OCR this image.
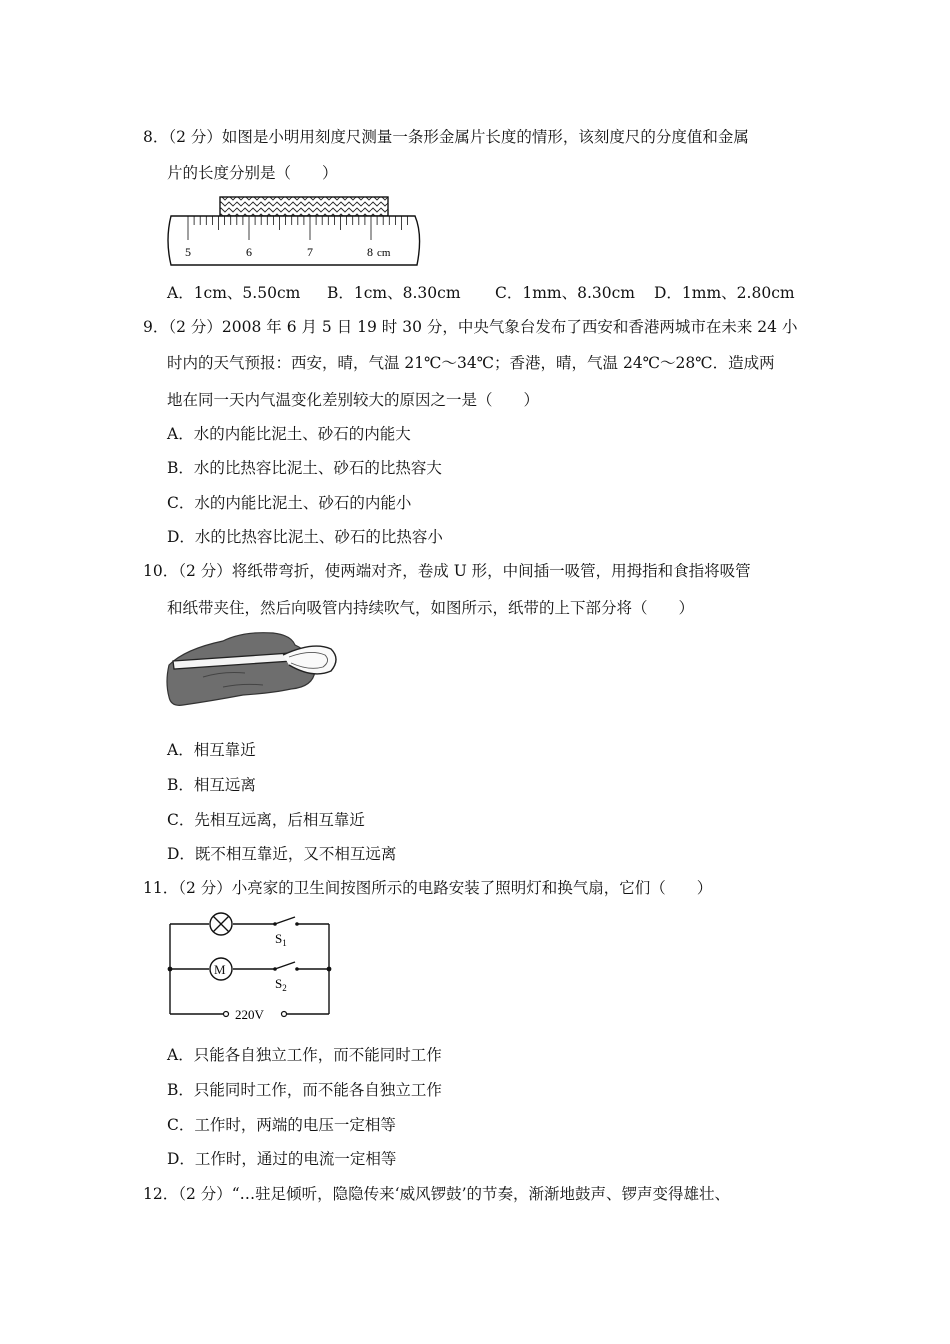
8．（2 分）如图是小明用刻度尺测量一条形金属片长度的情形，该刻度尺的分度值和金属
片的长度分别是（　　）
5	6	7	8 cm
A．1cm、5.50cm B．1cm、8.30cm C．1mm、8.30cm D．1mm、2.80cm
9．（2 分）2008 年 6 月 5 日 19 时 30 分，中央气象台发布了西安和香港两城市在未来 24 小
时内的天气预报：西安，晴，气温 21℃～34℃；香港，晴，气温 24℃～28℃．造成两
地在同一天内气温变化差别较大的原因之一是（　　）
A．水的内能比泥土、砂石的内能大
B．水的比热容比泥土、砂石的比热容大
C．水的内能比泥土、砂石的内能小
D．水的比热容比泥土、砂石的比热容小
10．（2 分）将纸带弯折，使两端对齐，卷成 U 形，中间插一吸管，用拇指和食指将吸管
和纸带夹住，然后向吸管内持续吹气，如图所示，纸带的上下部分将（　　）
A．相互靠近
B．相互远离
C．先相互远离，后相互靠近
D．既不相互靠近，又不相互远离
11．（2 分）小亮家的卫生间按图所示的电路安装了照明灯和换气扇，它们（　　）
M
$S_1$
$S_2$
220V
A．只能各自独立工作，而不能同时工作
B．只能同时工作，而不能各自独立工作
C．工作时，两端的电压一定相等
D．工作时，通过的电流一定相等
12．（2 分）“…驻足倾听，隐隐传来‘威风锣鼓’的节奏，渐渐地鼓声、锣声变得雄壮、
